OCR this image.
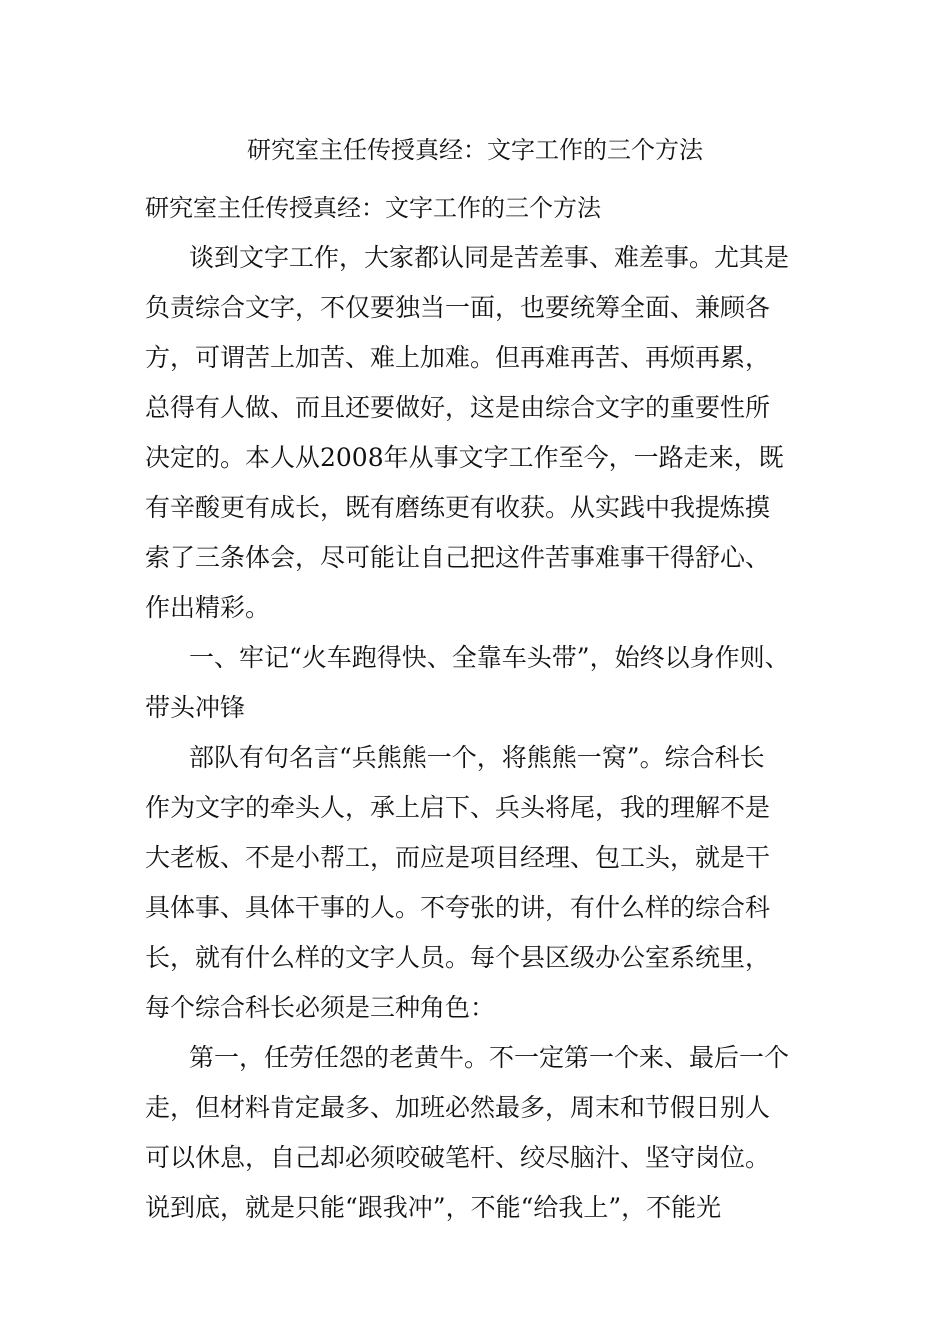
研究室主任传授真经：文字工作的三个方法

研究室主任传授真经：文字工作的三个方法

谈到文字工作，大家都认同是苦差事、难差事。尤其是

负责综合文字，不仅要独当一面，也要统筹全面、兼顾各

方，可谓苦上加苦、难上加难。但再难再苦、再烦再累，

总得有人做、而且还要做好，这是由综合文字的重要性所

决定的。本人从2008年从事文字工作至今，一路走来，既

有辛酸更有成长，既有磨练更有收获。从实践中我提炼摸

索了三条体会，尽可能让自己把这件苦事难事干得舒心、

作出精彩。

一、牢记“火车跑得快、全靠车头带”，始终以身作则、

带头冲锋

部队有句名言“兵熊熊一个，将熊熊一窝”。综合科长

作为文字的牵头人，承上启下、兵头将尾，我的理解不是

大老板、不是小帮工，而应是项目经理、包工头，就是干

具体事、具体干事的人。不夸张的讲，有什么样的综合科

长，就有什么样的文字人员。每个县区级办公室系统里，

每个综合科长必须是三种角色：

第一，任劳任怨的老黄牛。不一定第一个来、最后一个

走，但材料肯定最多、加班必然最多，周末和节假日别人

可以休息，自己却必须咬破笔杆、绞尽脑汁、坚守岗位。

说到底，就是只能“跟我冲”，不能“给我上”，不能光
